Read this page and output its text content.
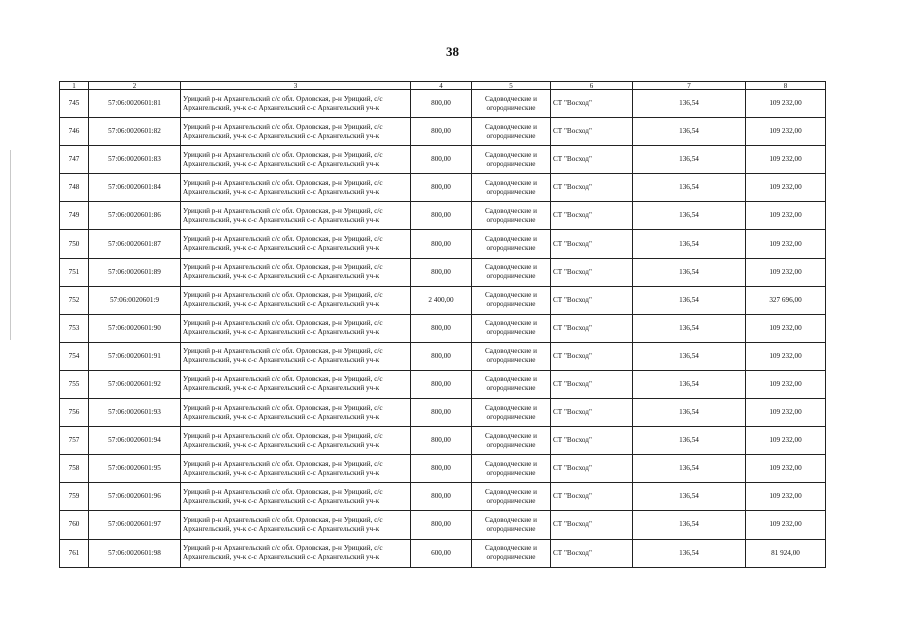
38
1	2	3	4	5	6	7	8
745	57:06:0020601:81	Урицкий р-н Архангельский с/с обл. Орловская, р-н Урицкий, с/с
Архангельский, уч-к с-с Архангельский с-с Архангельский уч-к	800,00	Садоводческие и
огороднические	СТ "Восход"	136,54	109 232,00
746	57:06:0020601:82	Урицкий р-н Архангельский с/с обл. Орловская, р-н Урицкий, с/с
Архангельский, уч-к с-с Архангельский с-с Архангельский уч-к	800,00	Садоводческие и
огороднические	СТ "Восход"	136,54	109 232,00
747	57:06:0020601:83	Урицкий р-н Архангельский с/с обл. Орловская, р-н Урицкий, с/с
Архангельский, уч-к с-с Архангельский с-с Архангельский уч-к	800,00	Садоводческие и
огороднические	СТ "Восход"	136,54	109 232,00
748	57:06:0020601:84	Урицкий р-н Архангельский с/с обл. Орловская, р-н Урицкий, с/с
Архангельский, уч-к с-с Архангельский с-с Архангельский уч-к	800,00	Садоводческие и
огороднические	СТ "Восход"	136,54	109 232,00
749	57:06:0020601:86	Урицкий р-н Архангельский с/с обл. Орловская, р-н Урицкий, с/с
Архангельский, уч-к с-с Архангельский с-с Архангельский уч-к	800,00	Садоводческие и
огороднические	СТ "Восход"	136,54	109 232,00
750	57:06:0020601:87	Урицкий р-н Архангельский с/с обл. Орловская, р-н Урицкий, с/с
Архангельский, уч-к с-с Архангельский с-с Архангельский уч-к	800,00	Садоводческие и
огороднические	СТ "Восход"	136,54	109 232,00
751	57:06:0020601:89	Урицкий р-н Архангельский с/с обл. Орловская, р-н Урицкий, с/с
Архангельский, уч-к с-с Архангельский с-с Архангельский уч-к	800,00	Садоводческие и
огороднические	СТ "Восход"	136,54	109 232,00
752	57:06:0020601:9	Урицкий р-н Архангельский с/с обл. Орловская, р-н Урицкий, с/с
Архангельский, уч-к с-с Архангельский с-с Архангельский уч-к	2 400,00	Садоводческие и
огороднические	СТ "Восход"	136,54	327 696,00
753	57:06:0020601:90	Урицкий р-н Архангельский с/с обл. Орловская, р-н Урицкий, с/с
Архангельский, уч-к с-с Архангельский с-с Архангельский уч-к	800,00	Садоводческие и
огороднические	СТ "Восход"	136,54	109 232,00
754	57:06:0020601:91	Урицкий р-н Архангельский с/с обл. Орловская, р-н Урицкий, с/с
Архангельский, уч-к с-с Архангельский с-с Архангельский уч-к	800,00	Садоводческие и
огороднические	СТ "Восход"	136,54	109 232,00
755	57:06:0020601:92	Урицкий р-н Архангельский с/с обл. Орловская, р-н Урицкий, с/с
Архангельский, уч-к с-с Архангельский с-с Архангельский уч-к	800,00	Садоводческие и
огороднические	СТ "Восход"	136,54	109 232,00
756	57:06:0020601:93	Урицкий р-н Архангельский с/с обл. Орловская, р-н Урицкий, с/с
Архангельский, уч-к с-с Архангельский с-с Архангельский уч-к	800,00	Садоводческие и
огороднические	СТ "Восход"	136,54	109 232,00
757	57:06:0020601:94	Урицкий р-н Архангельский с/с обл. Орловская, р-н Урицкий, с/с
Архангельский, уч-к с-с Архангельский с-с Архангельский уч-к	800,00	Садоводческие и
огороднические	СТ "Восход"	136,54	109 232,00
758	57:06:0020601:95	Урицкий р-н Архангельский с/с обл. Орловская, р-н Урицкий, с/с
Архангельский, уч-к с-с Архангельский с-с Архангельский уч-к	800,00	Садоводческие и
огороднические	СТ "Восход"	136,54	109 232,00
759	57:06:0020601:96	Урицкий р-н Архангельский с/с обл. Орловская, р-н Урицкий, с/с
Архангельский, уч-к с-с Архангельский с-с Архангельский уч-к	800,00	Садоводческие и
огороднические	СТ "Восход"	136,54	109 232,00
760	57:06:0020601:97	Урицкий р-н Архангельский с/с обл. Орловская, р-н Урицкий, с/с
Архангельский, уч-к с-с Архангельский с-с Архангельский уч-к	800,00	Садоводческие и
огороднические	СТ "Восход"	136,54	109 232,00
761	57:06:0020601:98	Урицкий р-н Архангельский с/с обл. Орловская, р-н Урицкий, с/с
Архангельский, уч-к с-с Архангельский с-с Архангельский уч-к	600,00	Садоводческие и
огороднические	СТ "Восход"	136,54	81 924,00
